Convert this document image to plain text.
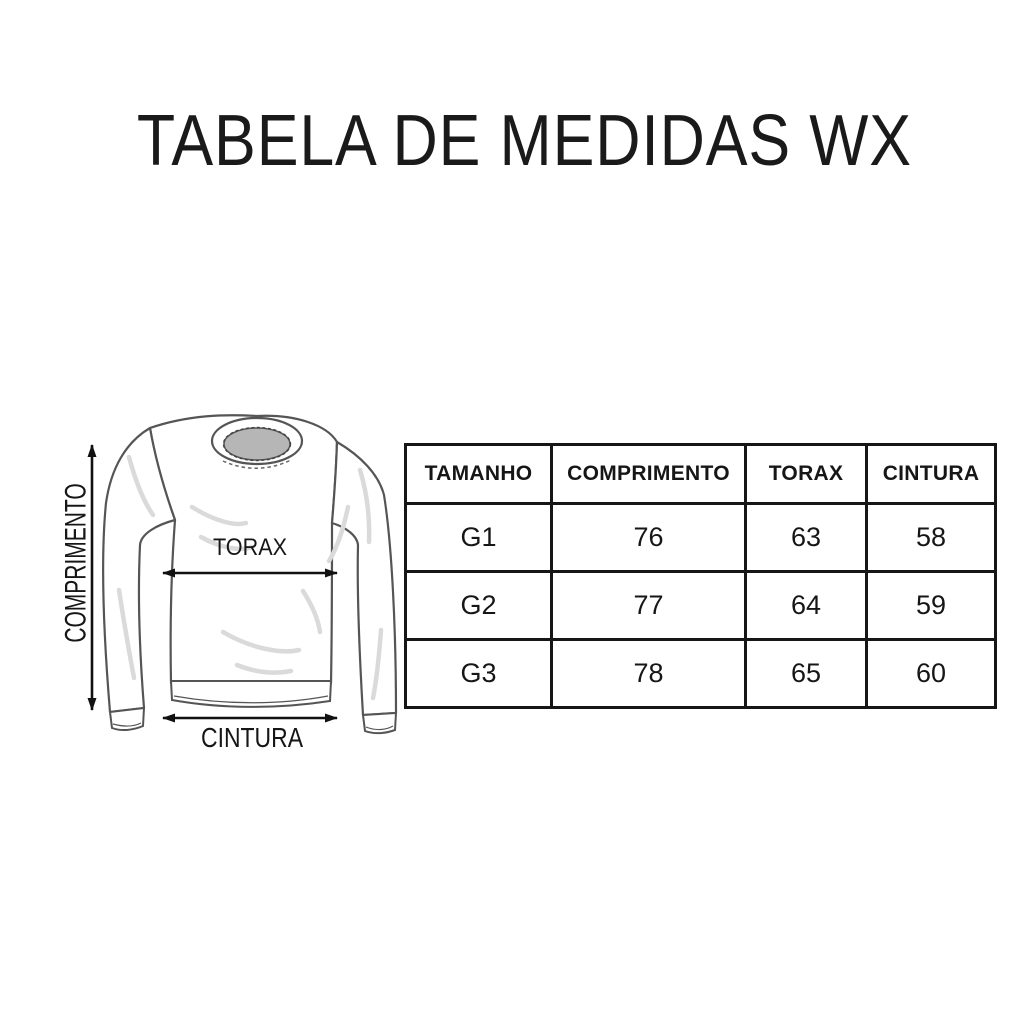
TABELA DE MEDIDAS WX
TORAX
CINTURA
COMPRIMENTO
TAMANHO	COMPRIMENTO	TORAX	CINTURA
G1	76	63	58
G2	77	64	59
G3	78	65	60
